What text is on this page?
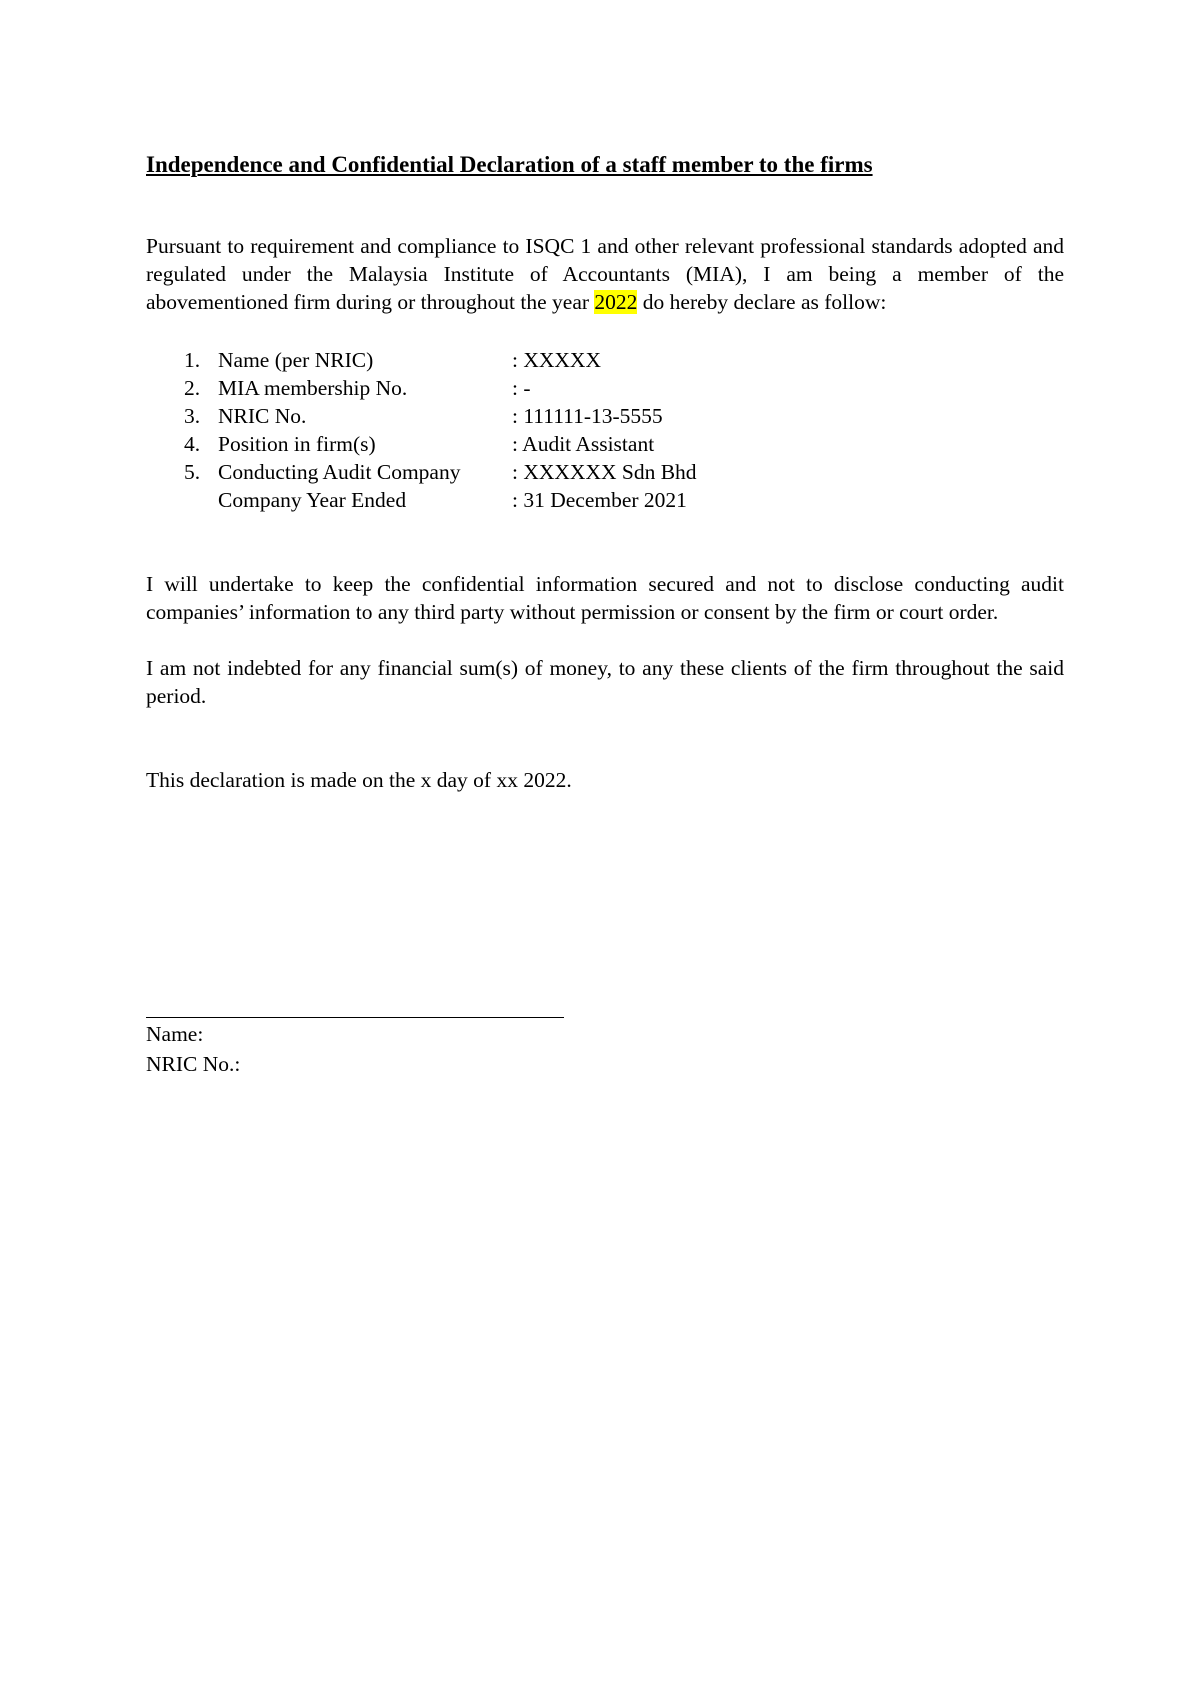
Independence and Confidential Declaration of a staff member to the firms

Pursuant to requirement and compliance to ISQC 1 and other relevant professional standards adopted and regulated under the Malaysia Institute of Accountants (MIA), I am being a member of the abovementioned firm during or throughout the year 2022 do hereby declare as follow:

1. Name (per NRIC)	: XXXXX
2. MIA membership No.	: -
3. NRIC No.	: 111111-13-5555
4. Position in firm(s)	: Audit Assistant
5. Conducting Audit Company	: XXXXXX Sdn Bhd
Company Year Ended	: 31 December 2021

I will undertake to keep the confidential information secured and not to disclose conducting audit companies’ information to any third party without permission or consent by the firm or court order.

I am not indebted for any financial sum(s) of money, to any these clients of the firm throughout the said period.

This declaration is made on the x day of xx 2022.

Name:
NRIC No.:
